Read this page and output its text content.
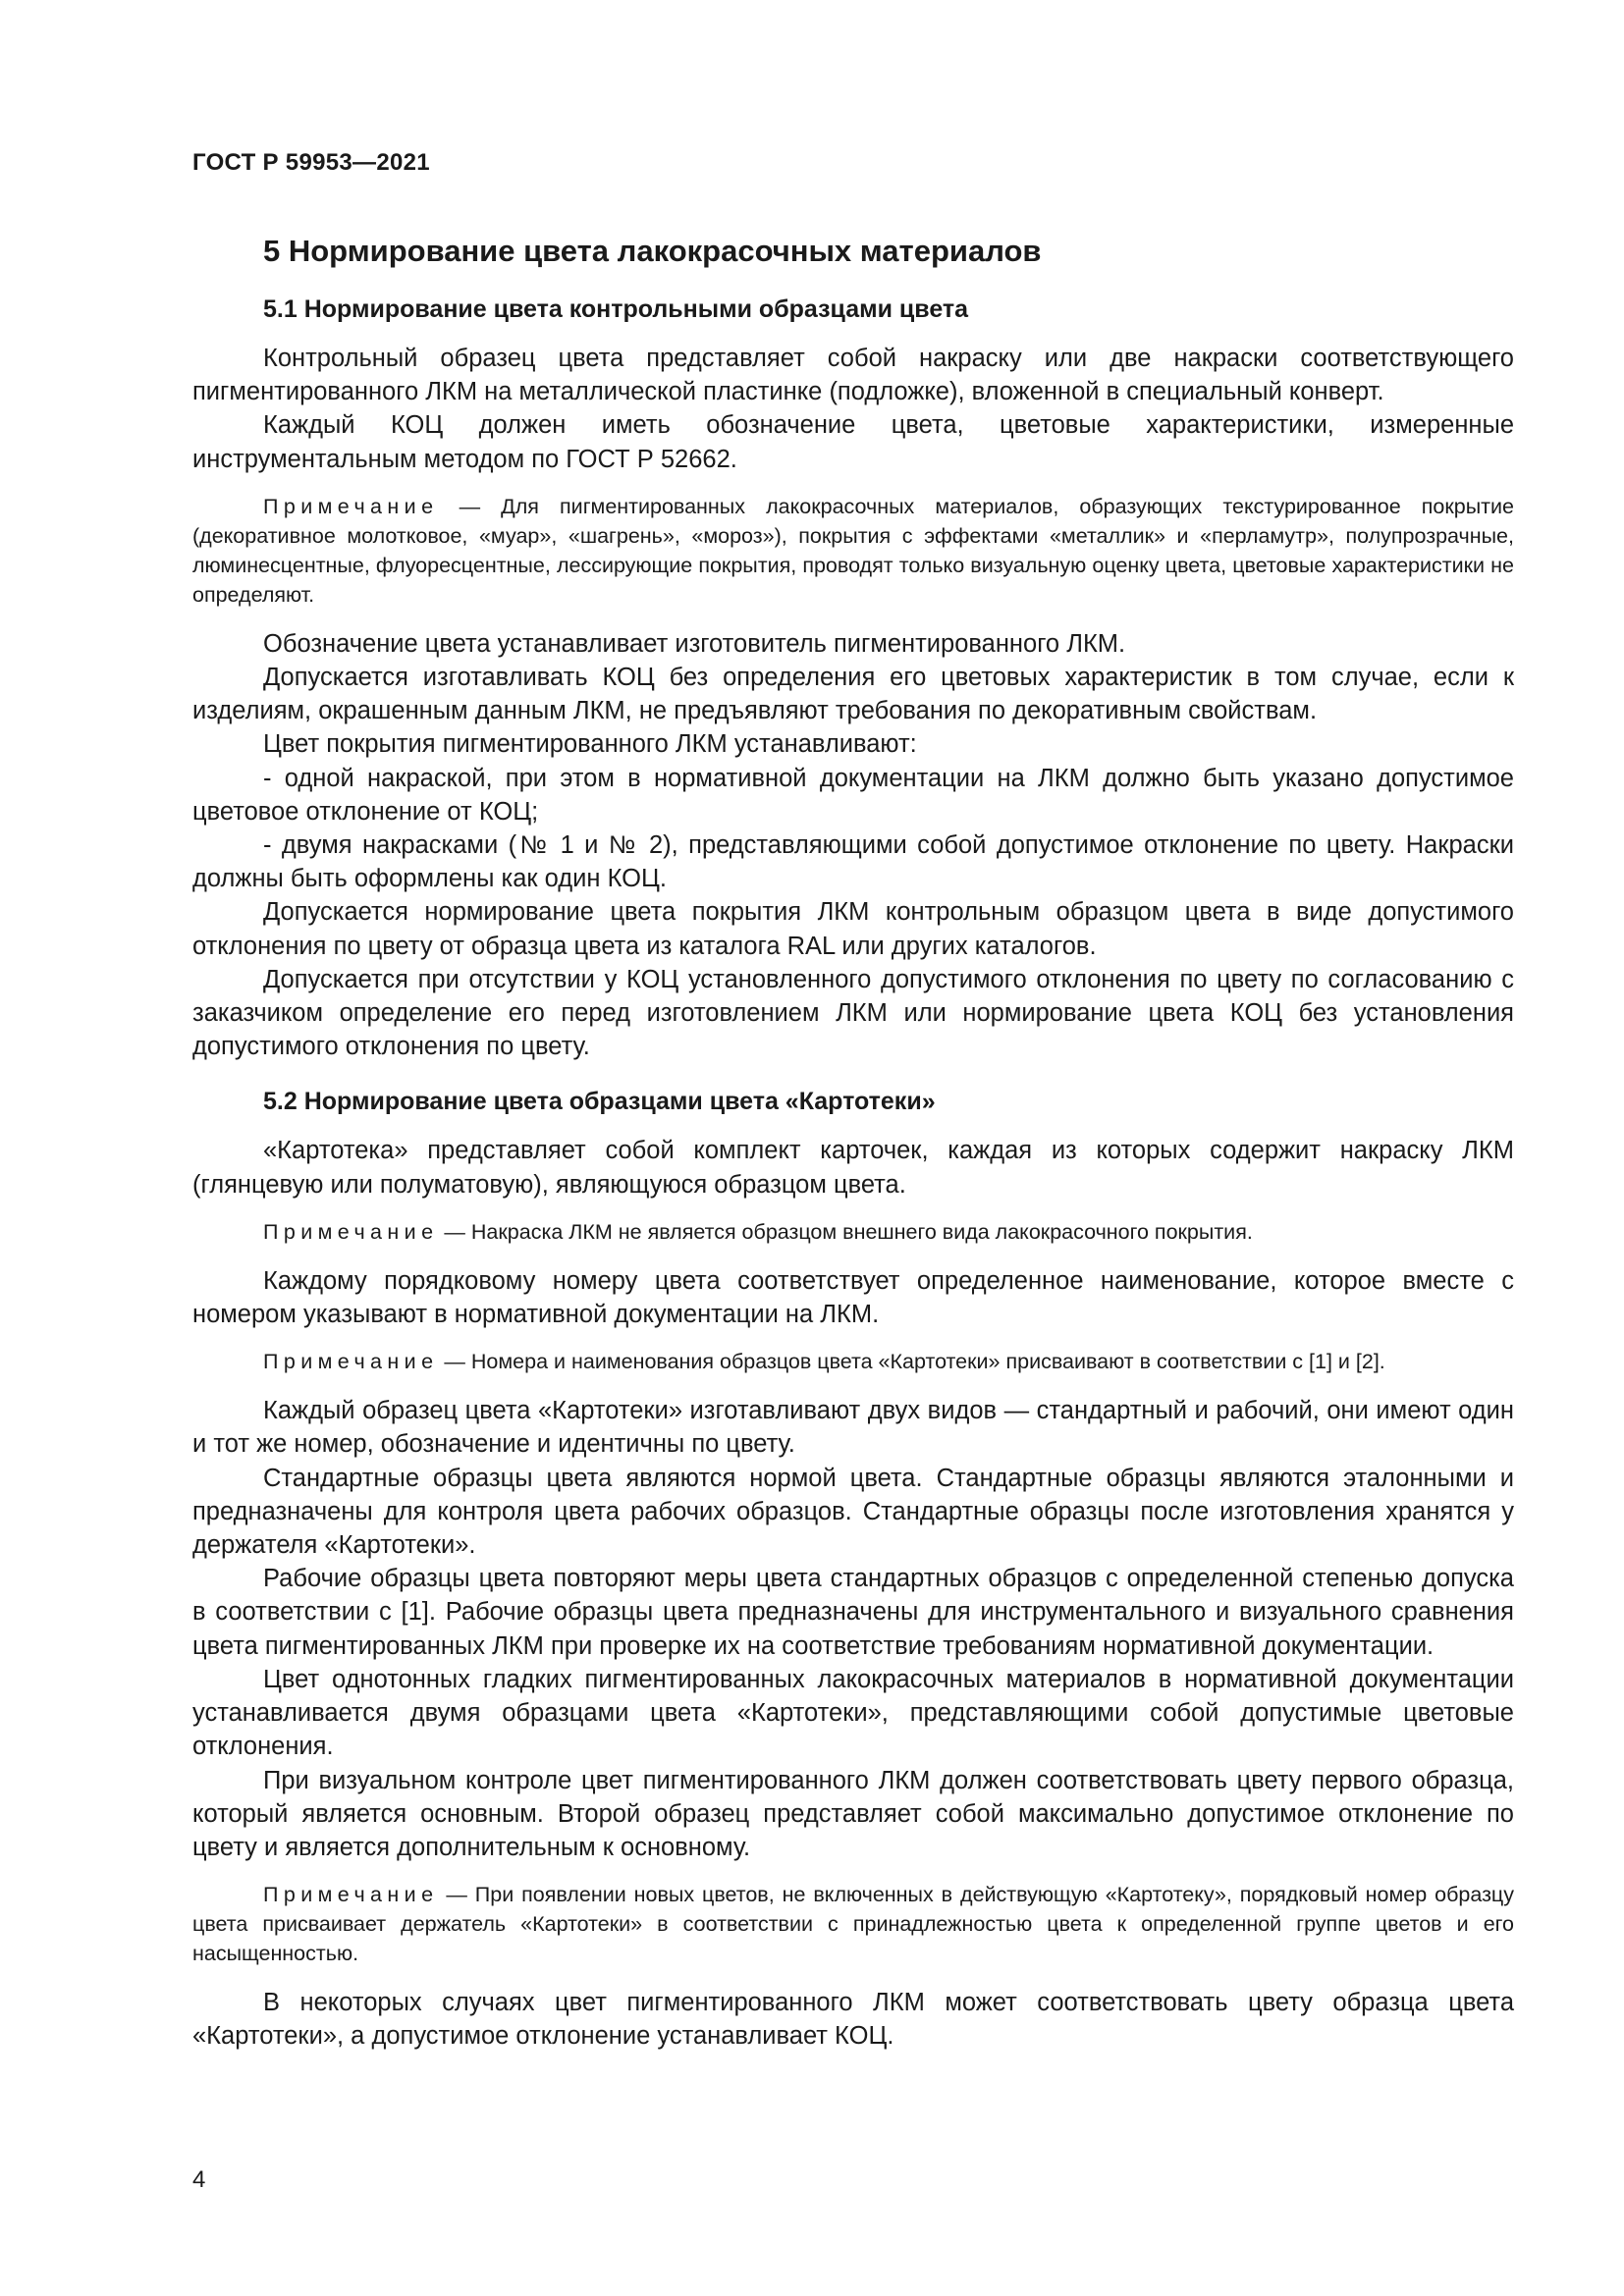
ГОСТ Р 59953—2021
5 Нормирование цвета лакокрасочных материалов
5.1 Нормирование цвета контрольными образцами цвета

Контрольный образец цвета представляет собой накраску или две накраски соответствующего пигментированного ЛКМ на металлической пластинке (подложке), вложенной в специальный конверт.

Каждый КОЦ должен иметь обозначение цвета, цветовые характеристики, измеренные инструментальным методом по ГОСТ Р 52662.

Примечание — Для пигментированных лакокрасочных материалов, образующих текстурированное покрытие (декоративное молотковое, «муар», «шагрень», «мороз»), покрытия с эффектами «металлик» и «перламутр», полупрозрачные, люминесцентные, флуоресцентные, лессирующие покрытия, проводят только визуальную оценку цвета, цветовые характеристики не определяют.

Обозначение цвета устанавливает изготовитель пигментированного ЛКМ.

Допускается изготавливать КОЦ без определения его цветовых характеристик в том случае, если к изделиям, окрашенным данным ЛКМ, не предъявляют требования по декоративным свойствам.

Цвет покрытия пигментированного ЛКМ устанавливают:

- одной накраской, при этом в нормативной документации на ЛКМ должно быть указано допустимое цветовое отклонение от КОЦ;

- двумя накрасками (№ 1 и № 2), представляющими собой допустимое отклонение по цвету. Накраски должны быть оформлены как один КОЦ.

Допускается нормирование цвета покрытия ЛКМ контрольным образцом цвета в виде допустимого отклонения по цвету от образца цвета из каталога RAL или других каталогов.

Допускается при отсутствии у КОЦ установленного допустимого отклонения по цвету по согласованию с заказчиком определение его перед изготовлением ЛКМ или нормирование цвета КОЦ без установления допустимого отклонения по цвету.

5.2 Нормирование цвета образцами цвета «Картотеки»

«Картотека» представляет собой комплект карточек, каждая из которых содержит накраску ЛКМ (глянцевую или полуматовую), являющуюся образцом цвета.

Примечание — Накраска ЛКМ не является образцом внешнего вида лакокрасочного покрытия.

Каждому порядковому номеру цвета соответствует определенное наименование, которое вместе с номером указывают в нормативной документации на ЛКМ.

Примечание — Номера и наименования образцов цвета «Картотеки» присваивают в соответствии с [1] и [2].

Каждый образец цвета «Картотеки» изготавливают двух видов — стандартный и рабочий, они имеют один и тот же номер, обозначение и идентичны по цвету.

Стандартные образцы цвета являются нормой цвета. Стандартные образцы являются эталонными и предназначены для контроля цвета рабочих образцов. Стандартные образцы после изготовления хранятся у держателя «Картотеки».

Рабочие образцы цвета повторяют меры цвета стандартных образцов с определенной степенью допуска в соответствии с [1]. Рабочие образцы цвета предназначены для инструментального и визуального сравнения цвета пигментированных ЛКМ при проверке их на соответствие требованиям нормативной документации.

Цвет однотонных гладких пигментированных лакокрасочных материалов в нормативной документации устанавливается двумя образцами цвета «Картотеки», представляющими собой допустимые цветовые отклонения.

При визуальном контроле цвет пигментированного ЛКМ должен соответствовать цвету первого образца, который является основным. Второй образец представляет собой максимально допустимое отклонение по цвету и является дополнительным к основному.

Примечание — При появлении новых цветов, не включенных в действующую «Картотеку», порядковый номер образцу цвета присваивает держатель «Картотеки» в соответствии с принадлежностью цвета к определенной группе цветов и его насыщенностью.

В некоторых случаях цвет пигментированного ЛКМ может соответствовать цвету образца цвета «Картотеки», а допустимое отклонение устанавливает КОЦ.

4
